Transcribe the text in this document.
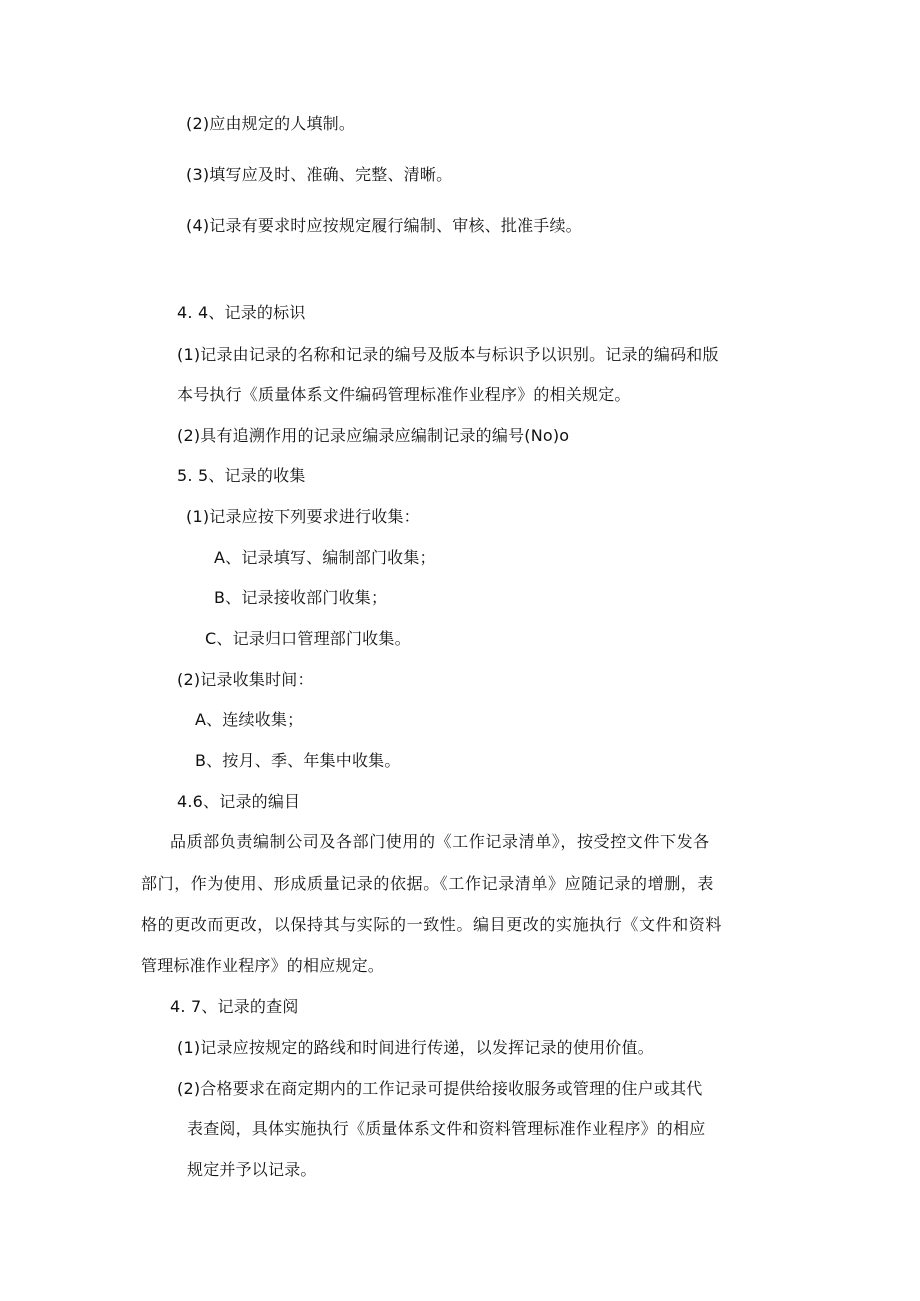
(2)应由规定的人填制。
(3)填写应及时、准确、完整、清晰。
(4)记录有要求时应按规定履行编制、审核、批准手续。
4. 4、记录的标识
(1)记录由记录的名称和记录的编号及版本与标识予以识别。记录的编码和版
本号执行《质量体系文件编码管理标准作业程序》的相关规定。
(2)具有追溯作用的记录应编录应编制记录的编号(No)o
5. 5、记录的收集
(1)记录应按下列要求进行收集：
A、记录填写、编制部门收集；
B、记录接收部门收集；
C、记录归口管理部门收集。
(2)记录收集时间：
A、连续收集；
B、按月、季、年集中收集。
4.6、记录的编目
品质部负责编制公司及各部门使用的《工作记录清单》，按受控文件下发各
部门，作为使用、形成质量记录的依据。《工作记录清单》应随记录的增删，表
格的更改而更改，以保持其与实际的一致性。编目更改的实施执行《文件和资料
管理标准作业程序》的相应规定。
4. 7、记录的查阅
(1)记录应按规定的路线和时间进行传递，以发挥记录的使用价值。
(2)合格要求在商定期内的工作记录可提供给接收服务或管理的住户或其代
表查阅，具体实施执行《质量体系文件和资料管理标准作业程序》的相应
规定并予以记录。
